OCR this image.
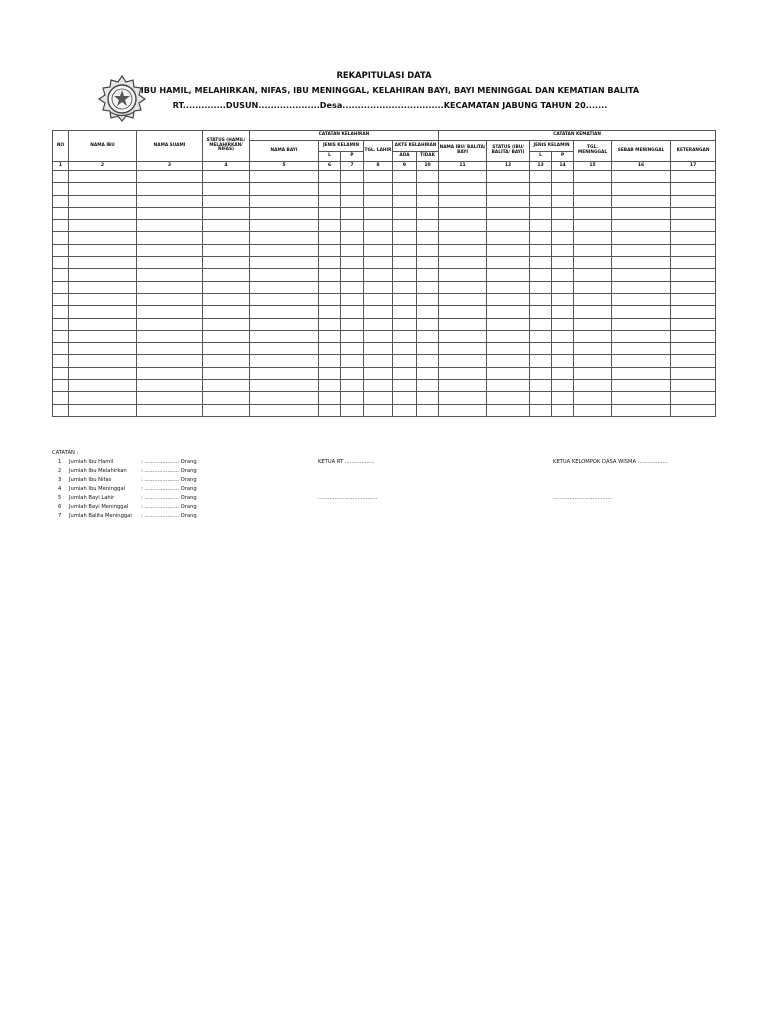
REKAPITULASI DATA
IBU HAMIL, MELAHIRKAN, NIFAS, IBU MENINGGAL, KELAHIRAN BAYI, BAYI MENINGGAL DAN KEMATIAN BALITA
RT..............DUSUN....................Desa.................................KECAMATAN JABUNG TAHUN 20.......
NO	NAMA IBU	NAMA SUAMI	STATUS (HAMIL/ MELAHIRKAN/ NIFAS)	CATATAN KELAHIRAN						CATATAN KEMATIAN						
				NAMA BAYI	JENIS KELAMIN		TGL. LAHIR	AKTE KELAHIRAN		NAMA IBU/ BALITA/ BAYI	STATUS (IBU/ BALITA/ BAYI)	JENIS KELAMIN		TGL. MENINGGAL	SEBAB MENINGGAL	KETERANGAN
					L	P		ADA	TIDAK			L	P			
1	2	3	4	5	6	7	8	9	10	11	12	13	14	15	16	17

CATATAN :
1 Jumlah Ibu Hamil	: ..................... Orang
2 Jumlah Ibu Melahirkan	: ..................... Orang
3 Jumlah Ibu Nifas	: ..................... Orang
4 Jumlah Ibu Meninggal	: ..................... Orang
5 Jumlah Bayi Lahir	: ..................... Orang
6 Jumlah Bayi Meninggal : ..................... Orang
7 Jumlah Balita Meninggal : ..................... Orang
KETUA RT ..................
....................................
KETUA KELOMPOK DASA WISMA ..................
....................................
